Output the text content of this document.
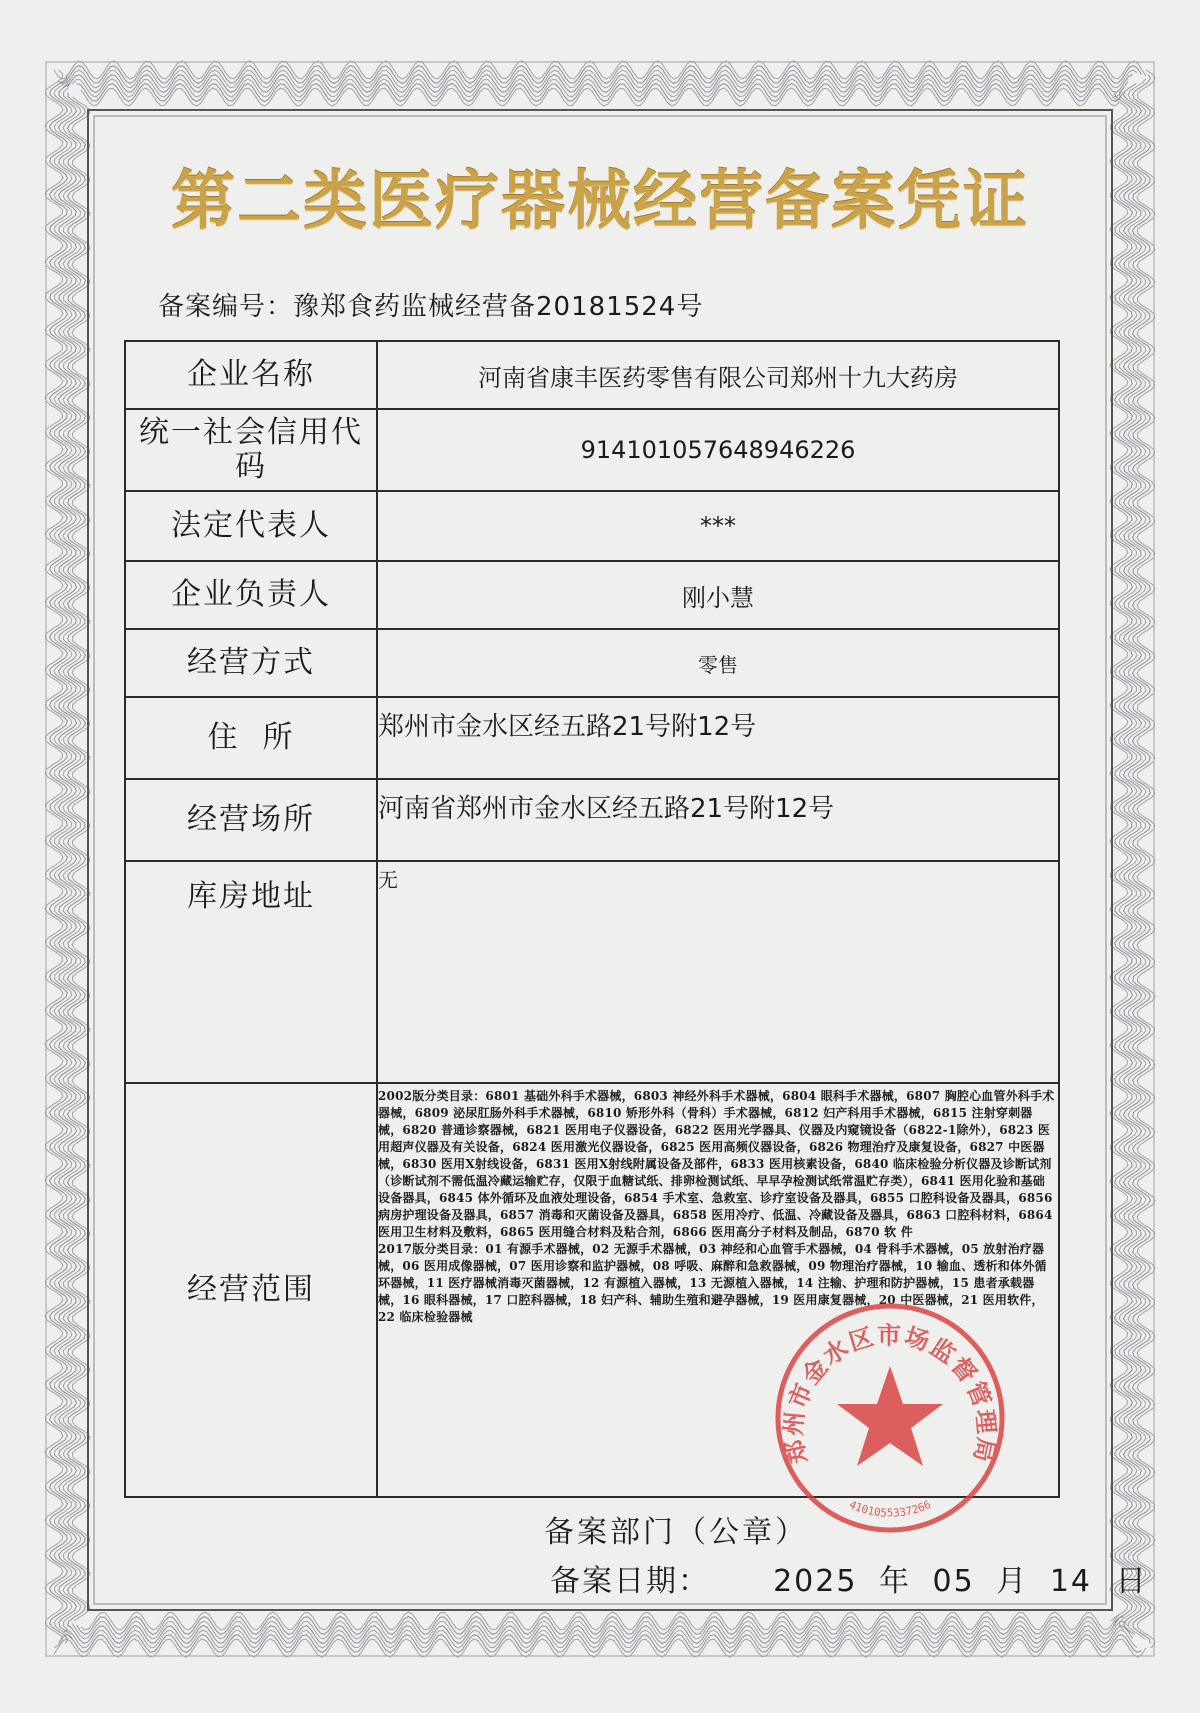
第二类医疗器械经营备案凭证
备案编号：豫郑食药监械经营备20181524号
企业名称	河南省康丰医药零售有限公司郑州十九大药房
统一社会信用代码	914101057648946226
法定代表人	***
企业负责人	刚小慧
经营方式	零售
住  所	郑州市金水区经五路21号附12号
经营场所	河南省郑州市金水区经五路21号附12号
库房地址	无
经营范围	2002版分类目录：6801 基础外科手术器械，6803 神经外科手术器械，6804 眼科手术器械，6807 胸腔心血管外科手术器械，6809 泌尿肛肠外科手术器械，6810 矫形外科（骨科）手术器械，6812 妇产科用手术器械，6815 注射穿刺器械，6820 普通诊察器械，6821 医用电子仪器设备，6822 医用光学器具、仪器及内窥镜设备（6822-1除外），6823 医用超声仪器及有关设备，6824 医用激光仪器设备，6825 医用高频仪器设备，6826 物理治疗及康复设备，6827 中医器械，6830 医用X射线设备，6831 医用X射线附属设备及部件，6833 医用核素设备，6840 临床检验分析仪器及诊断试剂（诊断试剂不需低温冷藏运输贮存，仅限于血糖试纸、排卵检测试纸、早早孕检测试纸常温贮存类），6841 医用化验和基础设备器具，6845 体外循环及血液处理设备，6854 手术室、急救室、诊疗室设备及器具，6855 口腔科设备及器具，6856 病房护理设备及器具，6857 消毒和灭菌设备及器具，6858 医用冷疗、低温、冷藏设备及器具，6863 口腔科材料，6864 医用卫生材料及敷料，6865 医用缝合材料及粘合剂，6866 医用高分子材料及制品，6870 软 件

2017版分类目录：01 有源手术器械，02 无源手术器械，03 神经和心血管手术器械，04 骨科手术器械，05 放射治疗器械，06 医用成像器械，07 医用诊察和监护器械，08 呼吸、麻醉和急救器械，09 物理治疗器械，10 输血、透析和体外循环器械，11 医疗器械消毒灭菌器械，12 有源植入器械，13 无源植入器械，14 注输、护理和防护器械，15 患者承载器械，16 眼科器械，17 口腔科器械，18 妇产科、辅助生殖和避孕器械，19 医用康复器械，20 中医器械，21 医用软件，22 临床检验器械

郑州市金水区市场监督管理局
4101055337266
备案部门（公章）
备案日期： 2025 年 05 月 14 日
